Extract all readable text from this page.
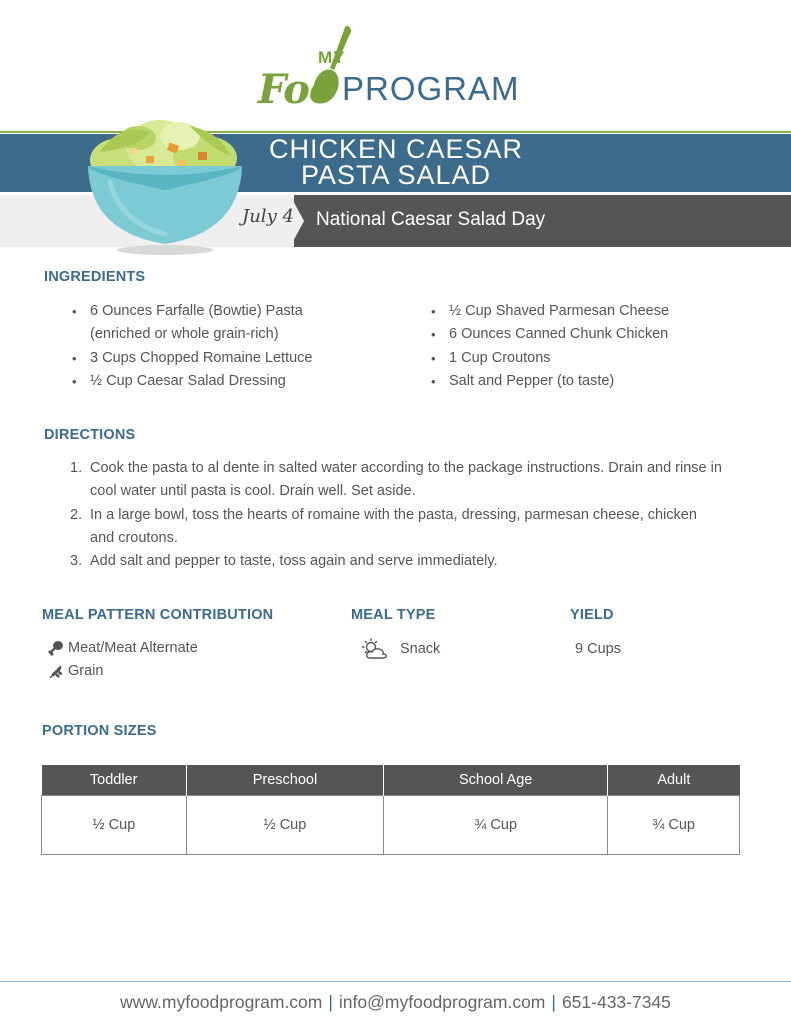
MY
Foo PROGRAM
CHICKEN CAESAR
PASTA SALAD
July 4 National Caesar Salad Day
INGREDIENTS
• 6 Ounces Farfalle (Bowtie) Pasta
(enriched or whole grain-rich)
• 3 Cups Chopped Romaine Lettuce
• ½ Cup Caesar Salad Dressing
• ½ Cup Shaved Parmesan Cheese
• 6 Ounces Canned Chunk Chicken
• 1 Cup Croutons
• Salt and Pepper (to taste)
DIRECTIONS
1. Cook the pasta to al dente in salted water according to the package instructions. Drain and rinse in
cool water until pasta is cool. Drain well. Set aside.
2. In a large bowl, toss the hearts of romaine with the pasta, dressing, parmesan cheese, chicken
and croutons.
3. Add salt and pepper to taste, toss again and serve immediately.
MEAL PATTERN CONTRIBUTION
Meat/Meat Alternate
Grain
MEAL TYPE
Snack
YIELD
9 Cups
PORTION SIZES
Toddler	Preschool	School Age	Adult
½ Cup	½ Cup	¾ Cup	¾ Cup
www.myfoodprogram.com | info@myfoodprogram.com | 651-433-7345
